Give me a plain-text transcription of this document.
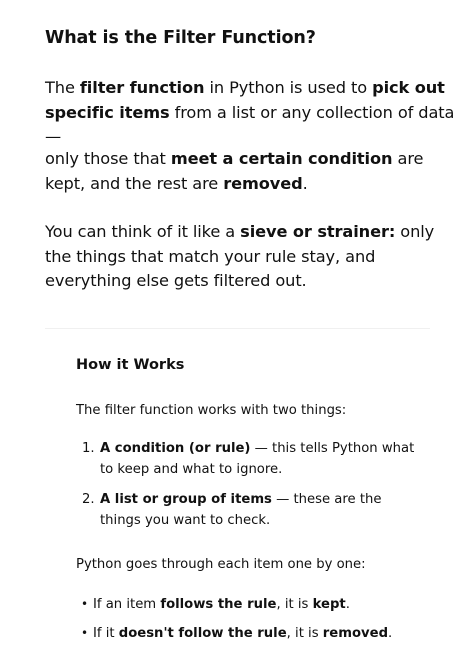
What is the Filter Function?

The filter function in Python is used to pick out specific items from a list or any collection of data —

only those that meet a certain condition are kept, and the rest are removed.

You can think of it like a sieve or strainer: only the things that match your rule stay, and everything else gets filtered out.

How it Works

The filter function works with two things:

1. A condition (or rule) — this tells Python what to keep and what to ignore.
2. A list or group of items — these are the things you want to check.

Python goes through each item one by one:

• If an item follows the rule, it is kept.
• If it doesn't follow the rule, it is removed.
